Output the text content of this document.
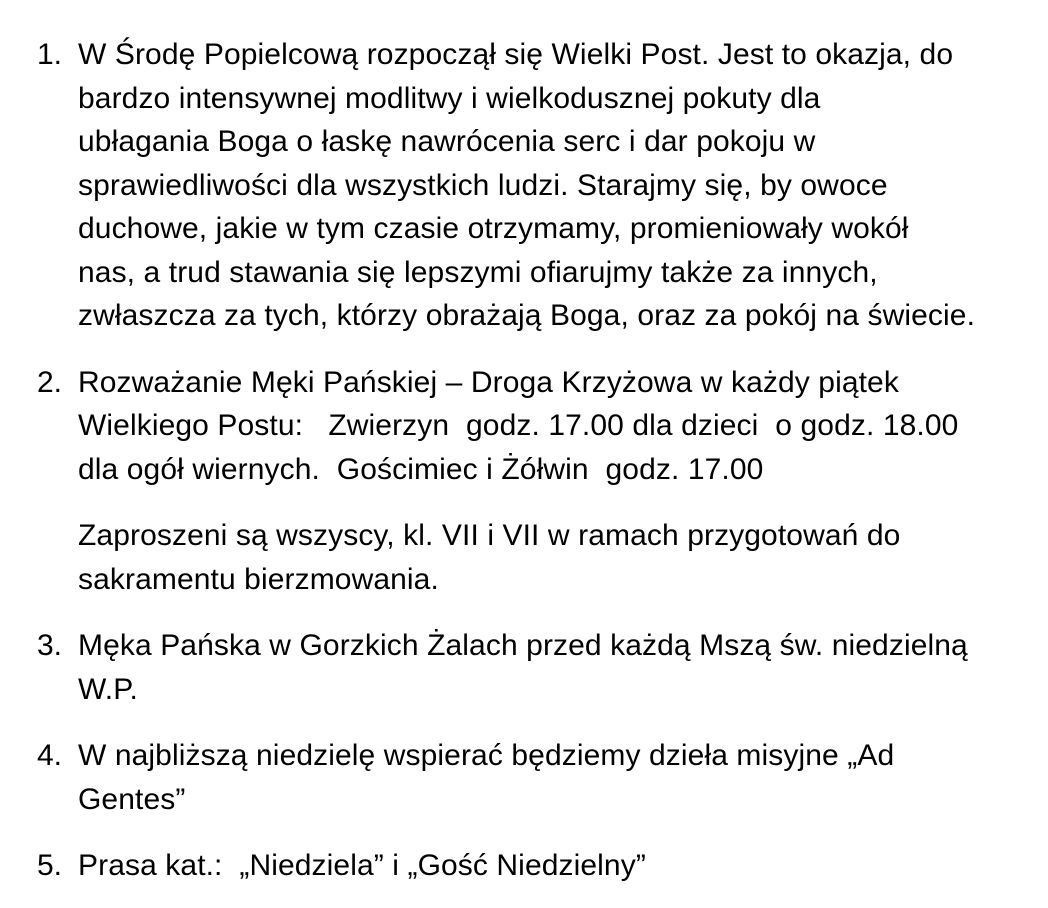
1. W Środę Popielcową rozpoczął się Wielki Post. Jest to okazja, do
bardzo intensywnej modlitwy i wielkodusznej pokuty dla
ubłagania Boga o łaskę nawrócenia serc i dar pokoju w
sprawiedliwości dla wszystkich ludzi. Starajmy się, by owoce
duchowe, jakie w tym czasie otrzymamy, promieniowały wokół
nas, a trud stawania się lepszymi ofiarujmy także za innych,
zwłaszcza za tych, którzy obrażają Boga, oraz za pokój na świecie.
2. Rozważanie Męki Pańskiej – Droga Krzyżowa w każdy piątek
Wielkiego Postu:   Zwierzyn  godz. 17.00 dla dzieci  o godz. 18.00
dla ogół wiernych.  Gościmiec i Żółwin  godz. 17.00
Zaproszeni są wszyscy, kl. VII i VII w ramach przygotowań do
sakramentu bierzmowania.
3. Męka Pańska w Gorzkich Żalach przed każdą Mszą św. niedzielną
W.P.
4. W najbliższą niedzielę wspierać będziemy dzieła misyjne „Ad
Gentes”
5. Prasa kat.:  „Niedziela” i „Gość Niedzielny”
